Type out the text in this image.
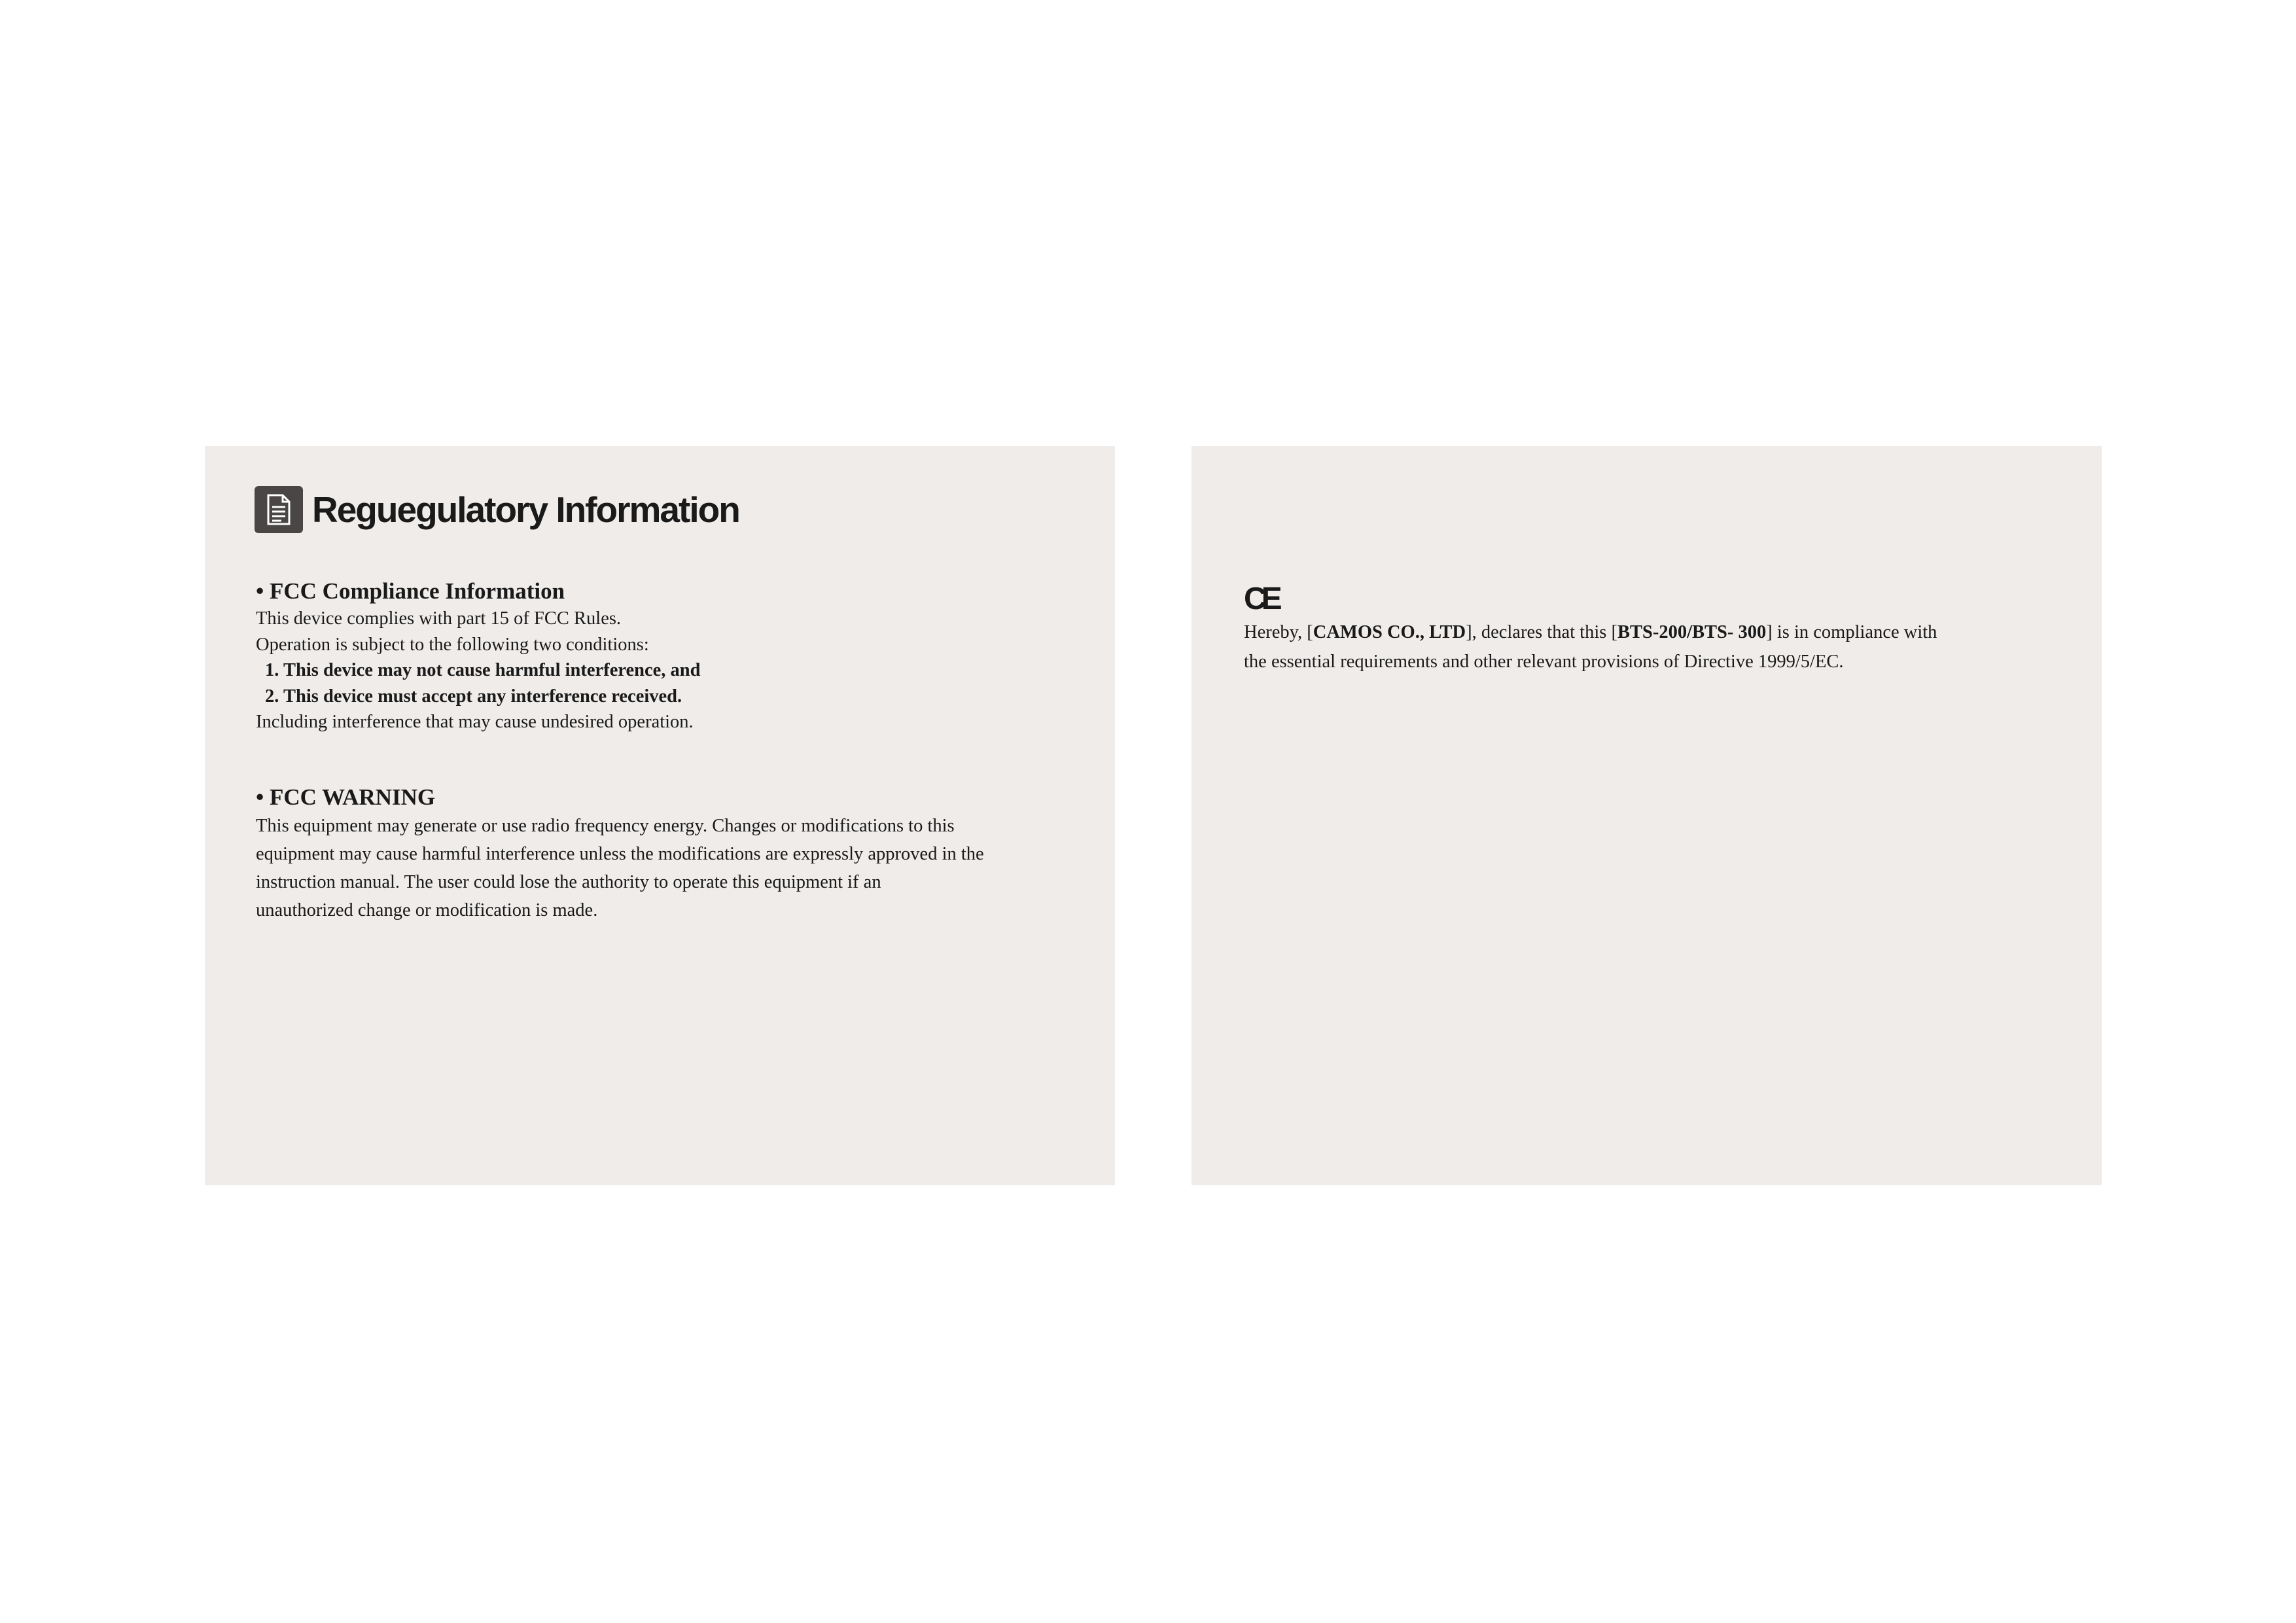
Reguegulatory Information
• FCC Compliance Information
This device complies with part 15 of FCC Rules.
Operation is subject to the following two conditions:
1. This device may not cause harmful interference, and
2. This device must accept any interference received.
Including interference that may cause undesired operation.
• FCC WARNING
This equipment may generate or use radio frequency energy. Changes or modifications to this
equipment may cause harmful interference unless the modifications are expressly approved in the
instruction manual. The user could lose the authority to operate this equipment if an
unauthorized change or modification is made.
CE
Hereby, [CAMOS CO., LTD], declares that this [BTS-200/BTS- 300] is in compliance with
the essential requirements and other relevant provisions of Directive 1999/5/EC.
